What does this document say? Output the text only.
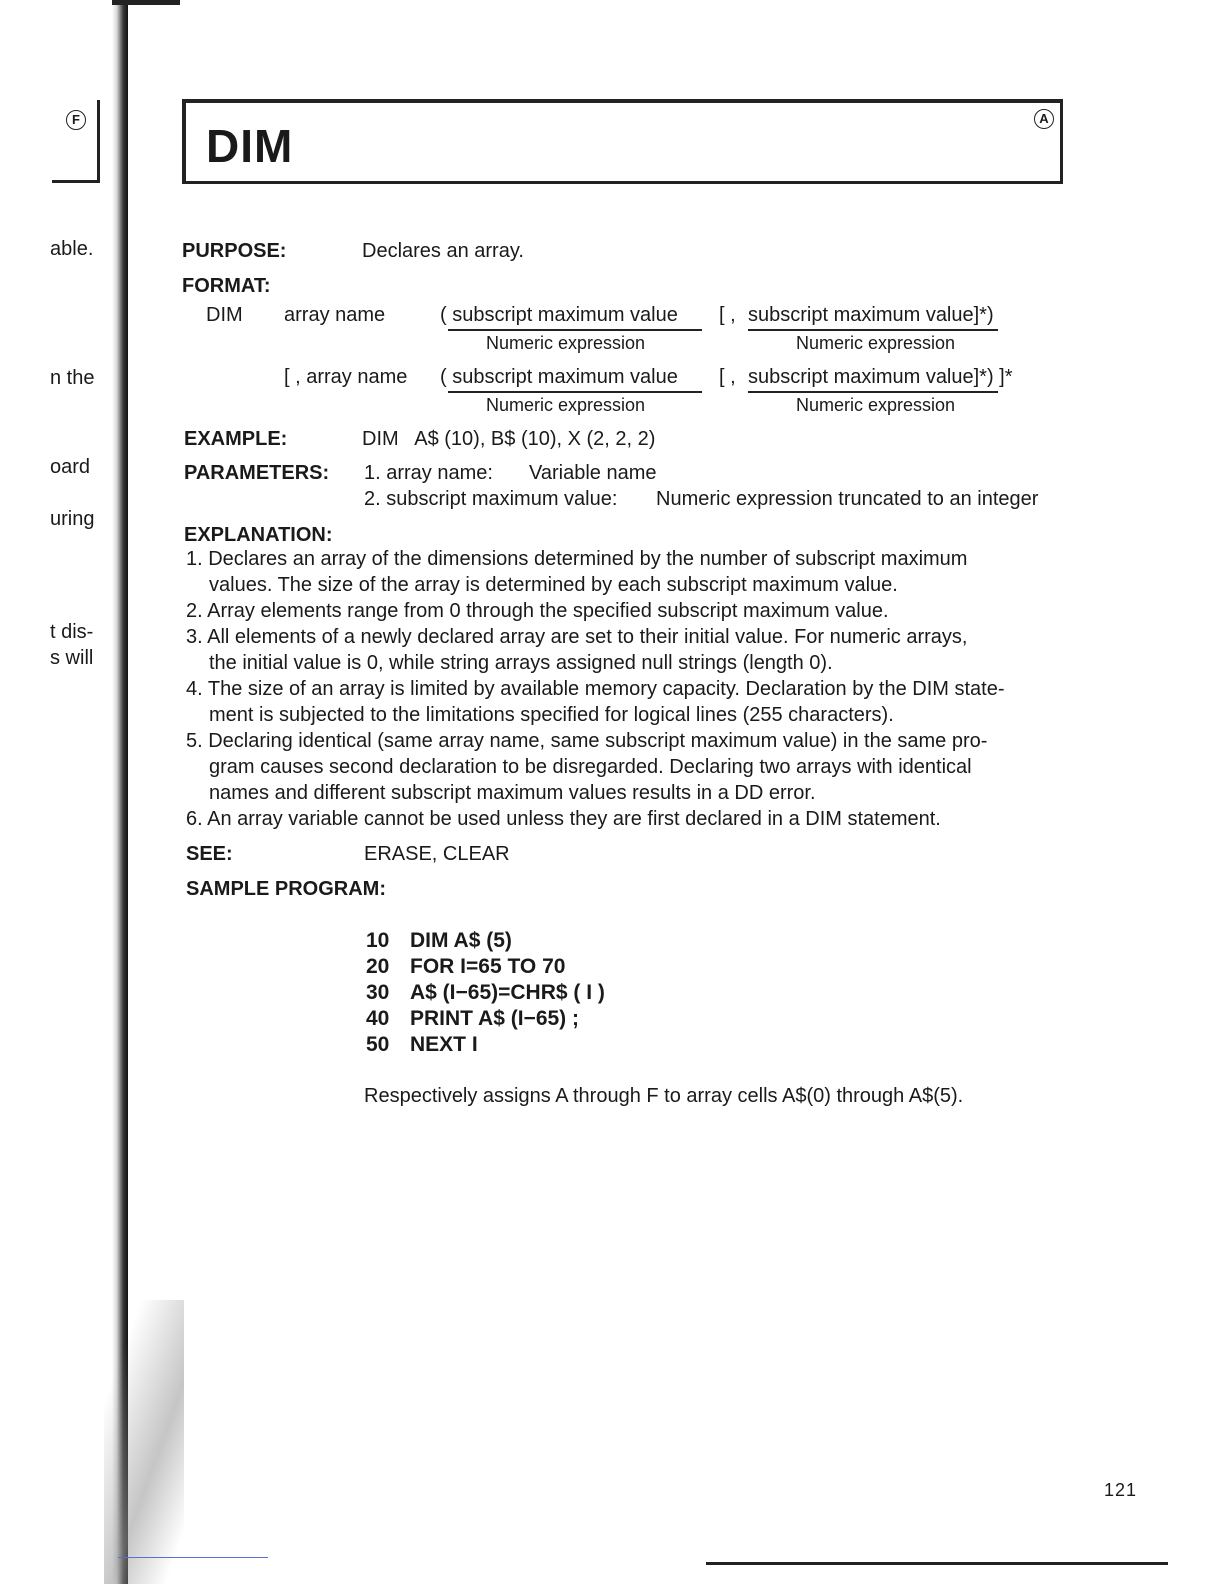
F
able.
n the
oard
uring
t dis-
s will
DIM
A
PURPOSE:	Declares an array.
FORMAT:
DIM array name	( subscript maximum value [ , subscript maximum value]*)
Numeric expression	Numeric expression
[ , array name ( subscript maximum value [ , subscript maximum value]*) ]*
Numeric expression	Numeric expression
EXAMPLE:	DIM   A$ (10), B$ (10), X (2, 2, 2)
PARAMETERS: 1. array name: Variable name
2. subscript maximum value: Numeric expression truncated to an integer
EXPLANATION:
1. Declares an array of the dimensions determined by the number of subscript maximum
values. The size of the array is determined by each subscript maximum value.
2. Array elements range from 0 through the specified subscript maximum value.
3. All elements of a newly declared array are set to their initial value. For numeric arrays,
the initial value is 0, while string arrays assigned null strings (length 0).
4. The size of an array is limited by available memory capacity. Declaration by the DIM state-
ment is subjected to the limitations specified for logical lines (255 characters).
5. Declaring identical (same array name, same subscript maximum value) in the same pro-
gram causes second declaration to be disregarded. Declaring two arrays with identical
names and different subscript maximum values results in a DD error.
6. An array variable cannot be used unless they are first declared in a DIM statement.
SEE:	ERASE, CLEAR
SAMPLE PROGRAM:
10 DIM A$ (5)
20 FOR I=65 TO 70
30 A$ (I−65)=CHR$ ( I )
40 PRINT A$ (I−65) ;
50 NEXT I
Respectively assigns A through F to array cells A$(0) through A$(5).
121
